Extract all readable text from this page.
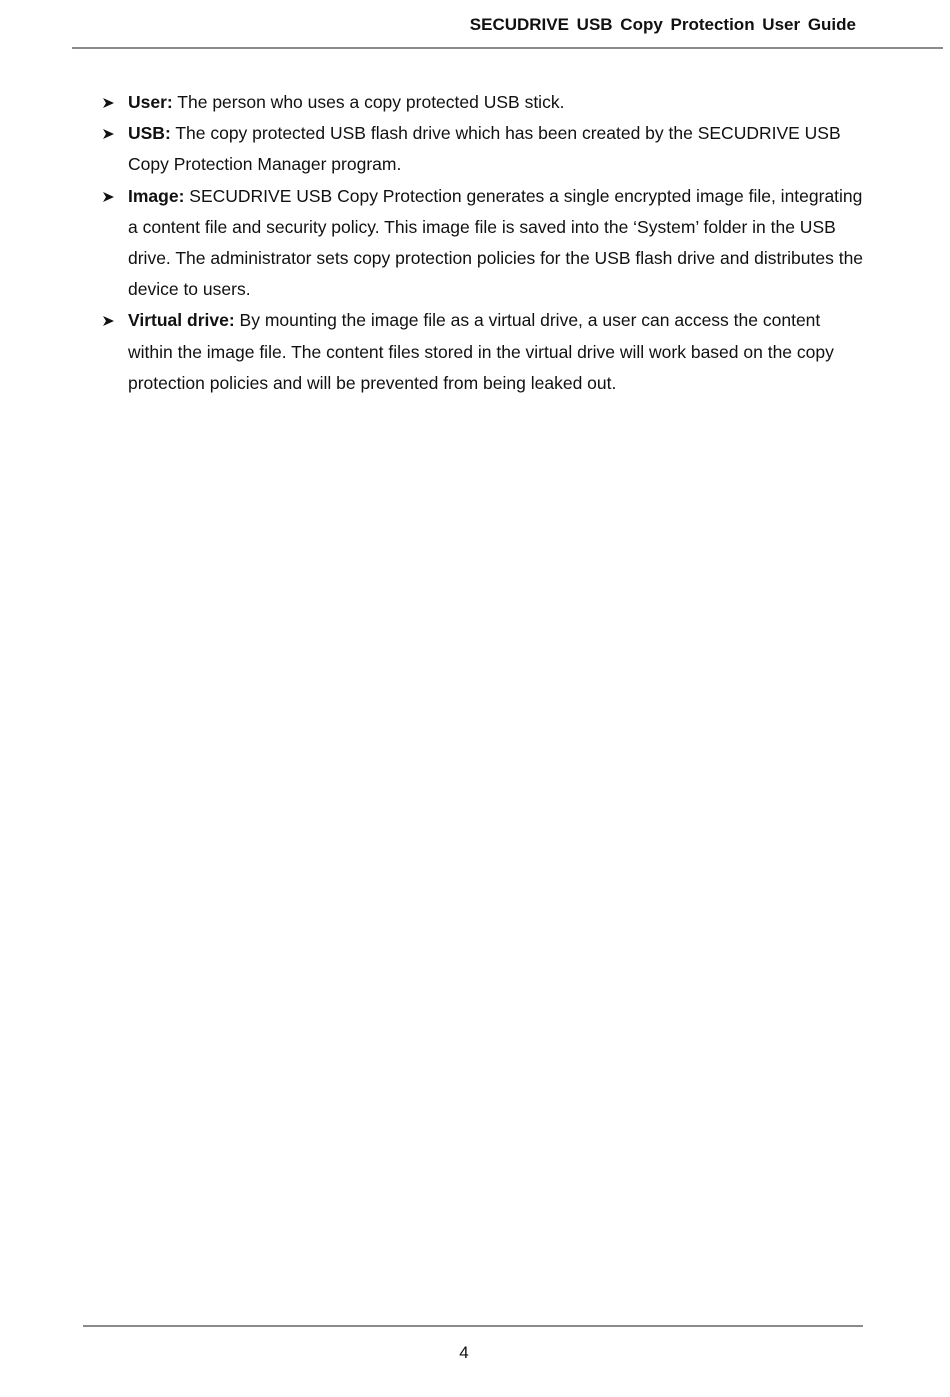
SECUDRIVE USB Copy Protection User Guide
User: The person who uses a copy protected USB stick.
USB: The copy protected USB flash drive which has been created by the SECUDRIVE USB Copy Protection Manager program.
Image: SECUDRIVE USB Copy Protection generates a single encrypted image file, integrating a content file and security policy. This image file is saved into the ‘System’ folder in the USB drive. The administrator sets copy protection policies for the USB flash drive and distributes the device to users.
Virtual drive: By mounting the image file as a virtual drive, a user can access the content within the image file. The content files stored in the virtual drive will work based on the copy protection policies and will be prevented from being leaked out.
4
